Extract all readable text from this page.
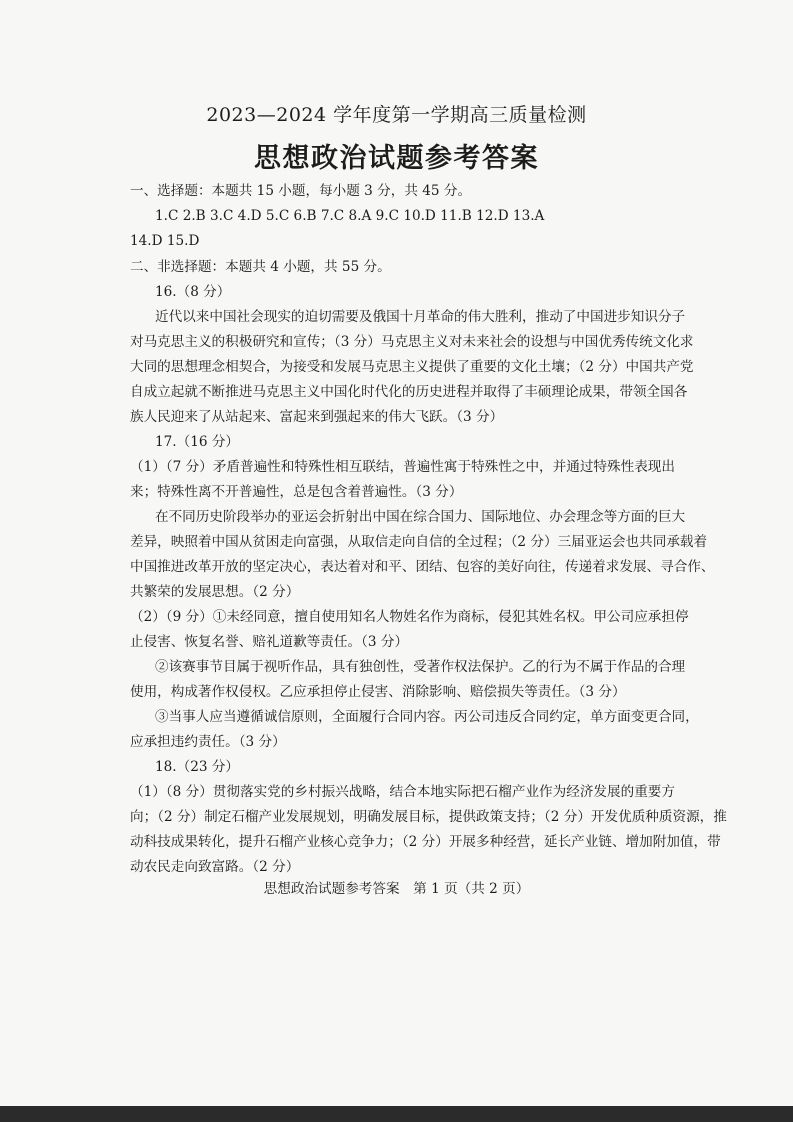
2023—2024 学年度第一学期高三质量检测
思想政治试题参考答案
一、选择题：本题共 15 小题，每小题 3 分，共 45 分。
1.C 2.B 3.C 4.D 5.C 6.B 7.C 8.A 9.C 10.D 11.B 12.D 13.A
14.D 15.D
二、非选择题：本题共 4 小题，共 55 分。
16.（8 分）
近代以来中国社会现实的迫切需要及俄国十月革命的伟大胜利，推动了中国进步知识分子
对马克思主义的积极研究和宣传；（3 分）马克思主义对未来社会的设想与中国优秀传统文化求
大同的思想理念相契合，为接受和发展马克思主义提供了重要的文化土壤；（2 分）中国共产党
自成立起就不断推进马克思主义中国化时代化的历史进程并取得了丰硕理论成果，带领全国各
族人民迎来了从站起来、富起来到强起来的伟大飞跃。（3 分）
17.（16 分）
（1）（7 分）矛盾普遍性和特殊性相互联结，普遍性寓于特殊性之中，并通过特殊性表现出
来；特殊性离不开普遍性，总是包含着普遍性。（3 分）
在不同历史阶段举办的亚运会折射出中国在综合国力、国际地位、办会理念等方面的巨大
差异，映照着中国从贫困走向富强，从取信走向自信的全过程；（2 分）三届亚运会也共同承载着
中国推进改革开放的坚定决心，表达着对和平、团结、包容的美好向往，传递着求发展、寻合作、
共繁荣的发展思想。（2 分）
（2）（9 分）①未经同意，擅自使用知名人物姓名作为商标，侵犯其姓名权。甲公司应承担停
止侵害、恢复名誉、赔礼道歉等责任。（3 分）
②该赛事节目属于视听作品，具有独创性，受著作权法保护。乙的行为不属于作品的合理
使用，构成著作权侵权。乙应承担停止侵害、消除影响、赔偿损失等责任。（3 分）
③当事人应当遵循诚信原则，全面履行合同内容。丙公司违反合同约定，单方面变更合同，
应承担违约责任。（3 分）
18.（23 分）
（1）（8 分）贯彻落实党的乡村振兴战略，结合本地实际把石榴产业作为经济发展的重要方
向；（2 分）制定石榴产业发展规划，明确发展目标，提供政策支持；（2 分）开发优质种质资源，推
动科技成果转化，提升石榴产业核心竞争力；（2 分）开展多种经营，延长产业链、增加附加值，带
动农民走向致富路。（2 分）
思想政治试题参考答案　第 1 页（共 2 页）
